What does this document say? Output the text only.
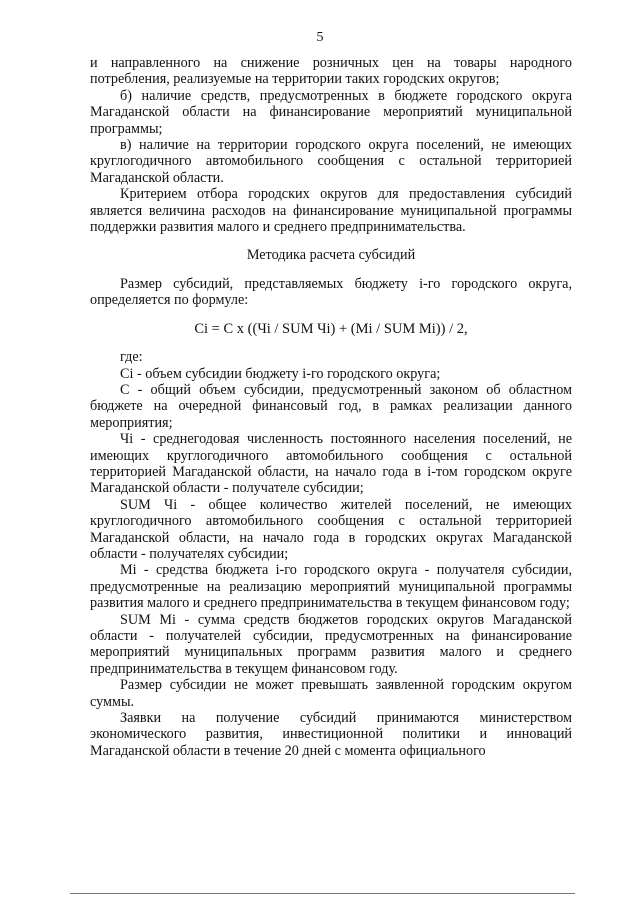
5

и направленного на снижение розничных цен на товары народного потребления, реализуемые на территории таких городских округов;

б) наличие средств, предусмотренных в бюджете городского округа Магаданской области на финансирование мероприятий муниципальной программы;

в) наличие на территории городского округа поселений, не имеющих круглогодичного автомобильного сообщения с остальной территорией Магаданской области.

Критерием отбора городских округов для предоставления субсидий является величина расходов на финансирование муниципальной программы поддержки развития малого и среднего предпринимательства.

Методика расчета субсидий

Размер субсидий, представляемых бюджету i-го городского округа, определяется по формуле:

Ci = C x ((Чi / SUM Чi) + (Mi / SUM Mi)) / 2,

где:

Ci - объем субсидии бюджету i-го городского округа;

C - общий объем субсидии, предусмотренный законом об областном бюджете на очередной финансовый год, в рамках реализации данного мероприятия;

Чi - среднегодовая численность постоянного населения поселений, не имеющих круглогодичного автомобильного сообщения с остальной территорией Магаданской области, на начало года в i-том городском округе Магаданской области - получателе субсидии;

SUM Чi - общее количество жителей поселений, не имеющих круглогодичного автомобильного сообщения с остальной территорией Магаданской области, на начало года в городских округах Магаданской области - получателях субсидии;

Mi - средства бюджета i-го городского округа - получателя субсидии, предусмотренные на реализацию мероприятий муниципальной программы развития малого и среднего предпринимательства в текущем финансовом году;

SUM Mi - сумма средств бюджетов городских округов Магаданской области - получателей субсидии, предусмотренных на финансирование мероприятий муниципальных программ развития малого и среднего предпринимательства в текущем финансовом году.

Размер субсидии не может превышать заявленной городским округом суммы.

Заявки на получение субсидий принимаются министерством экономического развития, инвестиционной политики и инноваций Магаданской области в течение 20 дней с момента официального
